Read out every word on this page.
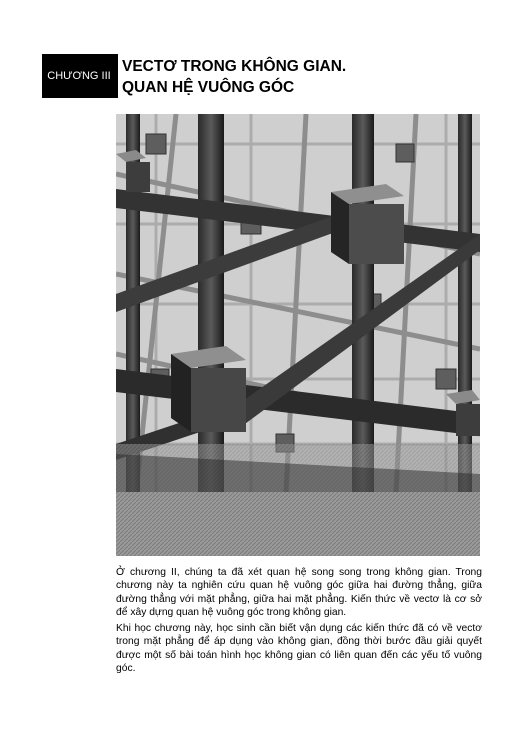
CHƯƠNG III
VECTƠ TRONG KHÔNG GIAN.
QUAN HỆ VUÔNG GÓC

Ở chương II, chúng ta đã xét quan hệ song song trong không gian. Trong chương này ta nghiên cứu quan hệ vuông góc giữa hai đường thẳng, giữa đường thẳng với mặt phẳng, giữa hai mặt phẳng. Kiến thức về vectơ là cơ sở để xây dựng quan hệ vuông góc trong không gian.

Khi học chương này, học sinh cần biết vận dụng các kiến thức đã có về vectơ trong mặt phẳng để áp dụng vào không gian, đồng thời bước đầu giải quyết được một số bài toán hình học không gian có liên quan đến các yếu tố vuông góc.
